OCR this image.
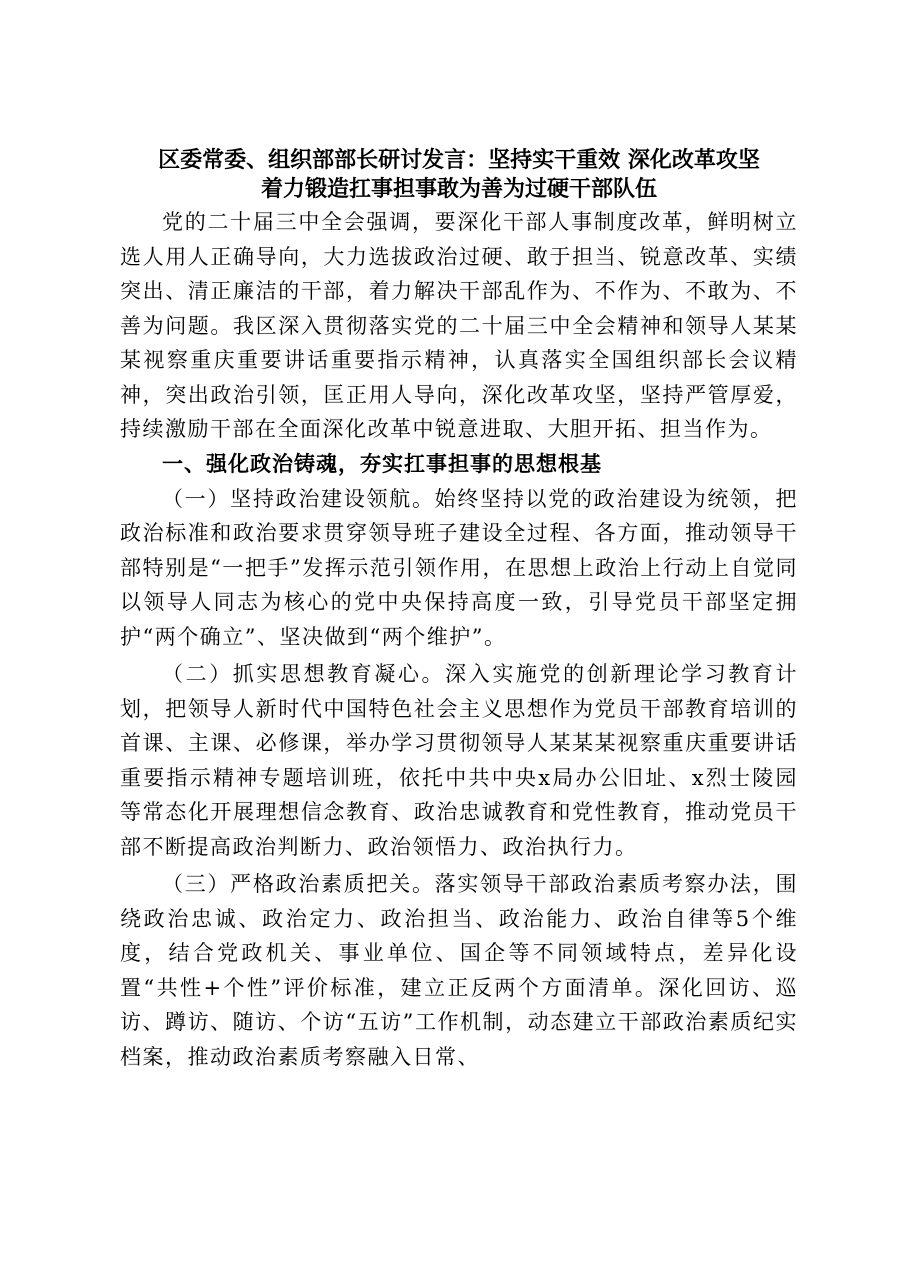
区委常委、组织部部长研讨发言：坚持实干重效 深化改革攻坚
着力锻造扛事担事敢为善为过硬干部队伍

党的二十届三中全会强调，要深化干部人事制度改革，鲜明树立选人用人正确导向，大力选拔政治过硬、敢于担当、锐意改革、实绩突出、清正廉洁的干部，着力解决干部乱作为、不作为、不敢为、不善为问题。我区深入贯彻落实党的二十届三中全会精神和领导人某某某视察重庆重要讲话重要指示精神，认真落实全国组织部长会议精神，突出政治引领，匡正用人导向，深化改革攻坚，坚持严管厚爱，持续激励干部在全面深化改革中锐意进取、大胆开拓、担当作为。

一、强化政治铸魂，夯实扛事担事的思想根基

（一）坚持政治建设领航。始终坚持以党的政治建设为统领，把政治标准和政治要求贯穿领导班子建设全过程、各方面，推动领导干部特别是“一把手”发挥示范引领作用，在思想上政治上行动上自觉同以领导人同志为核心的党中央保持高度一致，引导党员干部坚定拥护“两个确立”、坚决做到“两个维护”。

（二）抓实思想教育凝心。深入实施党的创新理论学习教育计划，把领导人新时代中国特色社会主义思想作为党员干部教育培训的首课、主课、必修课，举办学习贯彻领导人某某某视察重庆重要讲话重要指示精神专题培训班，依托中共中央x局办公旧址、x烈士陵园等常态化开展理想信念教育、政治忠诚教育和党性教育，推动党员干部不断提高政治判断力、政治领悟力、政治执行力。

（三）严格政治素质把关。落实领导干部政治素质考察办法，围绕政治忠诚、政治定力、政治担当、政治能力、政治自律等5个维度，结合党政机关、事业单位、国企等不同领域特点，差异化设置“共性+个性”评价标准，建立正反两个方面清单。深化回访、巡访、蹲访、随访、个访“五访”工作机制，动态建立干部政治素质纪实档案，推动政治素质考察融入日常、
